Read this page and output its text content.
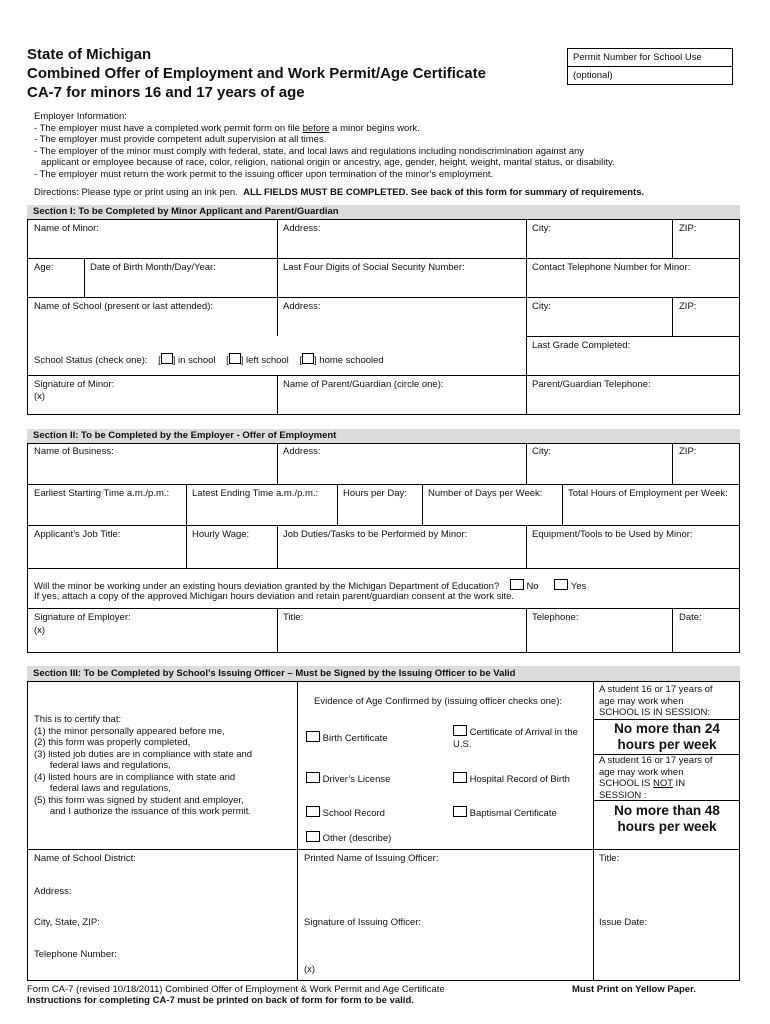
State of Michigan
Combined Offer of Employment and Work Permit/Age Certificate
CA-7 for minors 16 and 17 years of age
Permit Number for School Use
(optional)
Employer Information:
- The employer must have a completed work permit form on file before a minor begins work.
- The employer must provide competent adult supervision at all times.
- The employer of the minor must comply with federal, state, and local laws and regulations including nondiscrimination against any
applicant or employee because of race, color, religion, national origin or ancestry, age, gender, height, weight, marital status, or disability.
- The employer must return the work permit to the issuing officer upon termination of the minor’s employment.
Directions: Please type or print using an ink pen. ALL FIELDS MUST BE COMPLETED. See back of this form for summary of requirements.
Section I: To be Completed by Minor Applicant and Parent/Guardian
Name of Minor:	Address:	City:	ZIP:
Age:	Date of Birth Month/Day/Year:	Last Four Digits of Social Security Number:	Contact Telephone Number for Minor:
Name of School (present or last attended):	Address:	City:	ZIP:
Last Grade Completed:
School Status (check one):    [ ] in school    [ ] left school    [ ] home schooled
Signature of Minor:
(x)
Name of Parent/Guardian (circle one):	Parent/Guardian Telephone:
Section II: To be Completed by the Employer - Offer of Employment
Name of Business:	Address:	City:	ZIP:
Earliest Starting Time a.m./p.m.: Latest Ending Time a.m./p.m.:	Hours per Day: Number of Days per Week:	Total Hours of Employment per Week:
Applicant’s Job Title:	Hourly Wage:	Job Duties/Tasks to be Performed by Minor:	Equipment/Tools to be Used by Minor:
Will the minor be working under an existing hours deviation granted by the Michigan Department of Education?	No	Yes
If yes, attach a copy of the approved Michigan hours deviation and retain parent/guardian consent at the work site.
Signature of Employer:
(x)
Title:	Telephone:	Date:
Section III: To be Completed by School’s Issuing Officer – Must be Signed by the Issuing Officer to be Valid
This is to certify that:
(1) the minor personally appeared before me,
(2) this form was properly completed,
(3) listed job duties are in compliance with state and
federal laws and regulations,
(4) listed hours are in compliance with state and
federal laws and regulations,
(5) this form was signed by student and employer,
and I authorize the issuance of this work permit.
Evidence of Age Confirmed by (issuing officer checks one):
Birth Certificate
Certificate of Arrival in the
U.S.
Driver’s License	Hospital Record of Birth
School Record	Baptismal Certificate
Other (describe)
A student 16 or 17 years of
age may work when
SCHOOL IS IN SESSION:
No more than 24
hours per week
A student 16 or 17 years of
age may work when
SCHOOL IS NOT IN
SESSION :
No more than 48
hours per week
Name of School District:	Printed Name of Issuing Officer:	Title:
Address:
City, State, ZIP:	Signature of Issuing Officer:	Issue Date:
Telephone Number:
(x)
Form CA-7 (revised 10/18/2011) Combined Offer of Employment & Work Permit and Age Certificate
Instructions for completing CA-7 must be printed on back of form for form to be valid.
Must Print on Yellow Paper.
